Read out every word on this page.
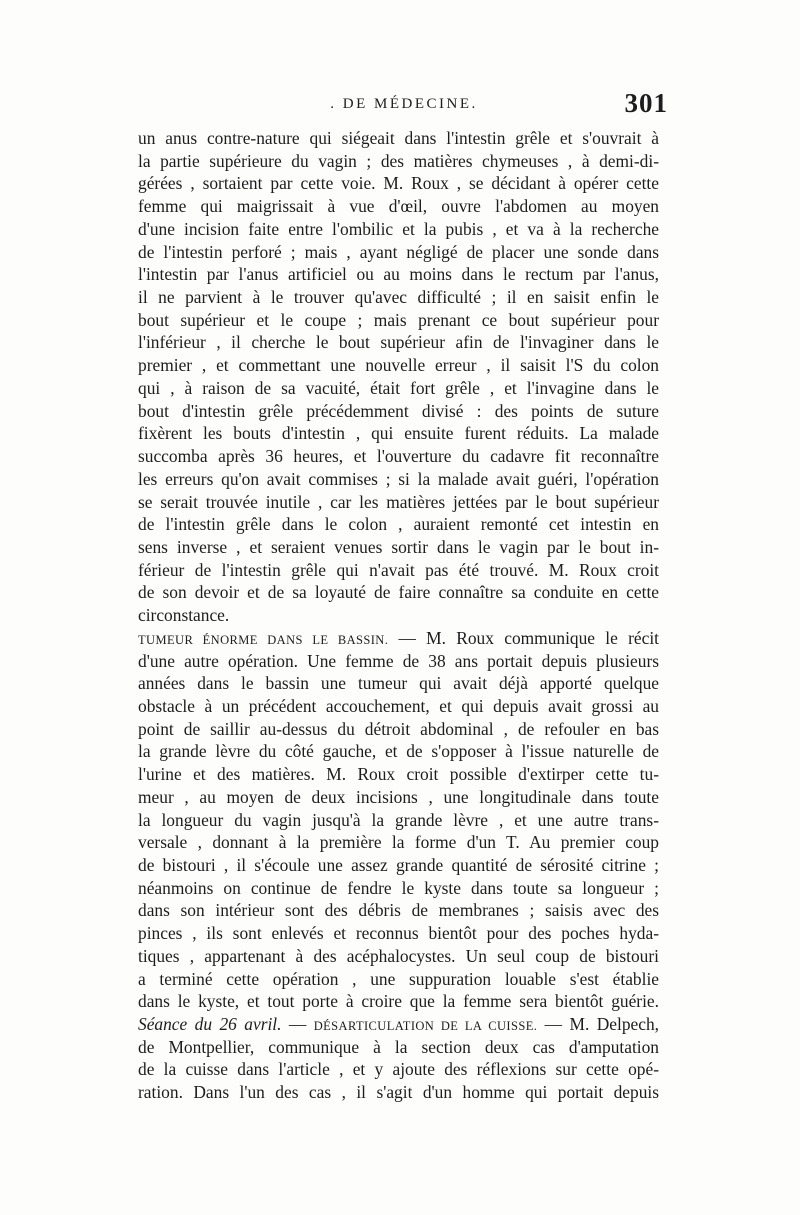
. DE MÉDECINE.	301
un anus contre-nature qui siégeait dans l'intestin grêle et s'ouvrait à
la partie supérieure du vagin ; des matières chymeuses , à demi-di-
gérées , sortaient par cette voie. M. Roux , se décidant à opérer cette
femme qui maigrissait à vue d'œil, ouvre l'abdomen au moyen
d'une incision faite entre l'ombilic et la pubis , et va à la recherche
de l'intestin perforé ; mais , ayant négligé de placer une sonde dans
l'intestin par l'anus artificiel ou au moins dans le rectum par l'anus,
il ne parvient à le trouver qu'avec difficulté ; il en saisit enfin le
bout supérieur et le coupe ; mais prenant ce bout supérieur pour
l'inférieur , il cherche le bout supérieur afin de l'invaginer dans le
premier , et commettant une nouvelle erreur , il saisit l'S du colon
qui , à raison de sa vacuité, était fort grêle , et l'invagine dans le
bout d'intestin grêle précédemment divisé : des points de suture
fixèrent les bouts d'intestin , qui ensuite furent réduits. La malade
succomba après 36 heures, et l'ouverture du cadavre fit reconnaître
les erreurs qu'on avait commises ; si la malade avait guéri, l'opération
se serait trouvée inutile , car les matières jettées par le bout supérieur
de l'intestin grêle dans le colon , auraient remonté cet intestin en
sens inverse , et seraient venues sortir dans le vagin par le bout in-
férieur de l'intestin grêle qui n'avait pas été trouvé. M. Roux croit
de son devoir et de sa loyauté de faire connaître sa conduite en cette
circonstance.
TUMEUR ÉNORME DANS LE BASSIN. — M. Roux communique le récit
d'une autre opération. Une femme de 38 ans portait depuis plusieurs
années dans le bassin une tumeur qui avait déjà apporté quelque
obstacle à un précédent accouchement, et qui depuis avait grossi au
point de saillir au-dessus du détroit abdominal , de refouler en bas
la grande lèvre du côté gauche, et de s'opposer à l'issue naturelle de
l'urine et des matières. M. Roux croit possible d'extirper cette tu-
meur , au moyen de deux incisions , une longitudinale dans toute
la longueur du vagin jusqu'à la grande lèvre , et une autre trans-
versale , donnant à la première la forme d'un T. Au premier coup
de bistouri , il s'écoule une assez grande quantité de sérosité citrine ;
néanmoins on continue de fendre le kyste dans toute sa longueur ;
dans son intérieur sont des débris de membranes ; saisis avec des
pinces , ils sont enlevés et reconnus bientôt pour des poches hyda-
tiques , appartenant à des acéphalocystes. Un seul coup de bistouri
a terminé cette opération , une suppuration louable s'est établie
dans le kyste, et tout porte à croire que la femme sera bientôt guérie.
Séance du 26 avril. — DÉSARTICULATION DE LA CUISSE. — M. Delpech,
de Montpellier, communique à la section deux cas d'amputation
de la cuisse dans l'article , et y ajoute des réflexions sur cette opé-
ration. Dans l'un des cas , il s'agit d'un homme qui portait depuis
